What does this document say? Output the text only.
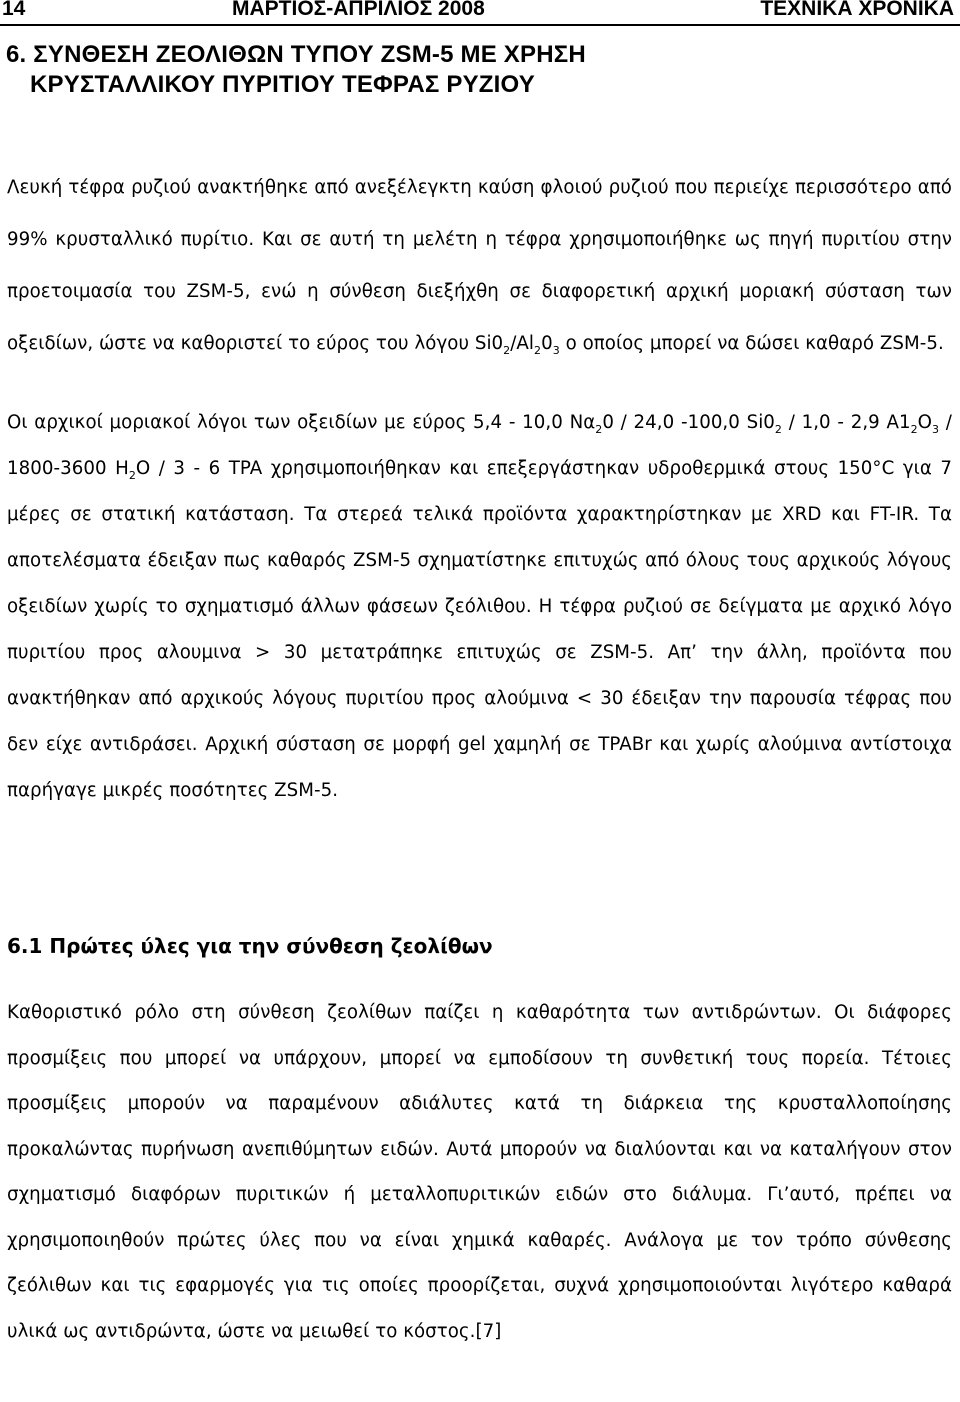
14	ΜΑΡΤΙΟΣ-ΑΠΡΙΛΙΟΣ 2008	ΤΕΧΝΙΚΑ ΧΡΟΝΙΚΑ
6. ΣΥΝΘΕΣΗ ΖΕΟΛΙΘΩΝ ΤΥΠΟΥ ZSM-5 ΜΕ ΧΡΗΣΗ
ΚΡΥΣΤΑΛΛΙΚΟΥ ΠΥΡΙΤΙΟΥ ΤΕΦΡΑΣ ΡΥΖΙΟΥ

Λευκή τέφρα ρυζιού ανακτήθηκε από ανεξέλεγκτη καύση φλοιού ρυζιού που περιείχε περισσότερο από 99% κρυσταλλικό πυρίτιο. Και σε αυτή τη μελέτη η τέφρα χρησιμοποιήθηκε ως πηγή πυριτίου στην προετοιμασία του ZSM-5, ενώ η σύνθεση διεξήχθη σε διαφορετική αρχική μοριακή σύσταση των οξειδίων, ώστε να καθοριστεί το εύρος του λόγου $Si0_2/Al_20_3$ ο οποίος μπορεί να δώσει καθαρό ZSM-5.

Οι αρχικοί μοριακοί λόγοι των οξειδίων με εύρος 5,4 - 10,0 $N\alpha_20 / 24,0$ -100,0 $Si0_2 / 1,0 - 2,9$ $A1_2O_3 / 1800-3600$ $H_2O / 3 - 6$ TPA χρησιμοποιήθηκαν και επεξεργάστηκαν υδροθερμικά στους 150°C για 7 μέρες σε στατική κατάσταση. Τα στερεά τελικά προϊόντα χαρακτηρίστηκαν με XRD και FT-IR. Τα αποτελέσματα έδειξαν πως καθαρός ZSM-5 σχηματίστηκε επιτυχώς από όλους τους αρχικούς λόγους οξειδίων χωρίς το σχηματισμό άλλων φάσεων ζεόλιθου. Η τέφρα ρυζιού σε δείγματα με αρχικό λόγο πυριτίου προς αλουμινα > 30 μετατράπηκε επιτυχώς σε ZSM-5. Απ’ την άλλη, προϊόντα που ανακτήθηκαν από αρχικούς λόγους πυριτίου προς αλούμινα < 30 έδειξαν την παρουσία τέφρας που δεν είχε αντιδράσει. Αρχική σύσταση σε μορφή gel χαμηλή σε TPABr και χωρίς αλούμινα αντίστοιχα παρήγαγε μικρές ποσότητες ZSM-5.

6.1 Πρώτες ύλες για την σύνθεση ζεολίθων

Καθοριστικό ρόλο στη σύνθεση ζεολίθων παίζει η καθαρότητα των αντιδρώντων. Οι διάφορες προσμίξεις που μπορεί να υπάρχουν, μπορεί να εμποδίσουν τη συνθετική τους πορεία. Τέτοιες προσμίξεις μπορούν να παραμένουν αδιάλυτες κατά τη διάρκεια της κρυσταλλοποίησης προκαλώντας πυρήνωση ανεπιθύμητων ειδών. Αυτά μπορούν να διαλύονται και να καταλήγουν στον σχηματισμό διαφόρων πυριτικών ή μεταλλοπυριτικών ειδών στο διάλυμα. Γι’αυτό, πρέπει να χρησιμοποιηθούν πρώτες ύλες που να είναι χημικά καθαρές. Ανάλογα με τον τρόπο σύνθεσης ζεόλιθων και τις εφαρμογές για τις οποίες προορίζεται, συχνά χρησιμοποιούνται λιγότερο καθαρά υλικά ως αντιδρώντα, ώστε να μειωθεί το κόστος.[7]
